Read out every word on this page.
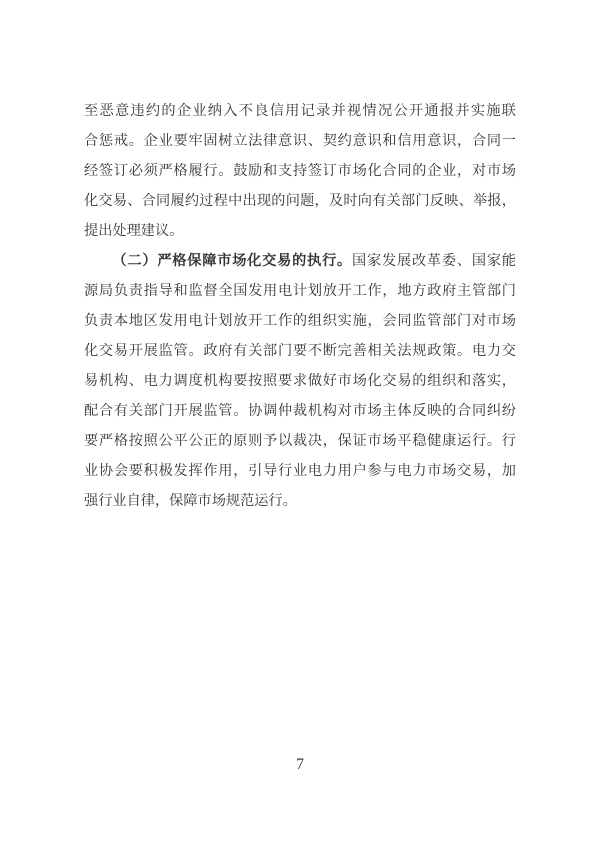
至恶意违约的企业纳入不良信用记录并视情况公开通报并实施联
合惩戒。企业要牢固树立法律意识、契约意识和信用意识，合同一
经签订必须严格履行。鼓励和支持签订市场化合同的企业，对市场
化交易、合同履约过程中出现的问题，及时向有关部门反映、举报，
提出处理建议。
（二）严格保障市场化交易的执行。国家发展改革委、国家能
源局负责指导和监督全国发用电计划放开工作，地方政府主管部门
负责本地区发用电计划放开工作的组织实施，会同监管部门对市场
化交易开展监管。政府有关部门要不断完善相关法规政策。电力交
易机构、电力调度机构要按照要求做好市场化交易的组织和落实，
配合有关部门开展监管。协调仲裁机构对市场主体反映的合同纠纷
要严格按照公平公正的原则予以裁决，保证市场平稳健康运行。行
业协会要积极发挥作用，引导行业电力用户参与电力市场交易，加
强行业自律，保障市场规范运行。
7
